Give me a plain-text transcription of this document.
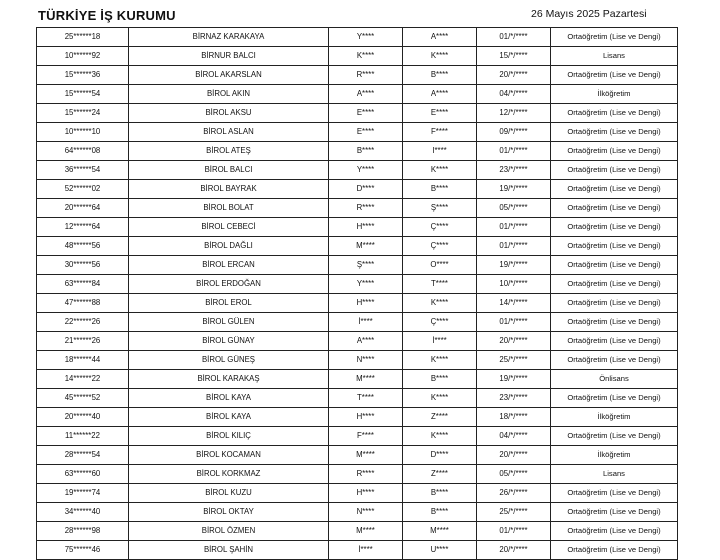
TÜRKİYE İŞ KURUMU	26 Mayıs 2025 Pazartesi
25******18	BİRNAZ KARAKAYA	Y****	A****	01/*/****	Ortaöğretim (Lise ve Dengi)
10******92	BİRNUR BALCI	K****	K****	15/*/****	Lisans
15******36	BİROL AKARSLAN	R****	B****	20/*/****	Ortaöğretim (Lise ve Dengi)
15******54	BİROL AKIN	A****	A****	04/*/****	İlköğretim
15******24	BİROL AKSU	E****	E****	12/*/****	Ortaöğretim (Lise ve Dengi)
10******10	BİROL ASLAN	E****	F****	09/*/****	Ortaöğretim (Lise ve Dengi)
64******08	BİROL ATEŞ	B****	I****	01/*/****	Ortaöğretim (Lise ve Dengi)
36******54	BİROL BALCI	Y****	K****	23/*/****	Ortaöğretim (Lise ve Dengi)
52******02	BİROL BAYRAK	D****	B****	19/*/****	Ortaöğretim (Lise ve Dengi)
20******64	BİROL BOLAT	R****	Ş****	05/*/****	Ortaöğretim (Lise ve Dengi)
12******64	BİROL CEBECİ	H****	Ç****	01/*/****	Ortaöğretim (Lise ve Dengi)
48******56	BİROL DAĞLI	M****	Ç****	01/*/****	Ortaöğretim (Lise ve Dengi)
30******56	BİROL ERCAN	Ş****	O****	19/*/****	Ortaöğretim (Lise ve Dengi)
63******84	BİROL ERDOĞAN	Y****	T****	10/*/****	Ortaöğretim (Lise ve Dengi)
47******88	BİROL EROL	H****	K****	14/*/****	Ortaöğretim (Lise ve Dengi)
22******26	BİROL GÜLEN	İ****	Ç****	01/*/****	Ortaöğretim (Lise ve Dengi)
21******26	BİROL GÜNAY	A****	İ****	20/*/****	Ortaöğretim (Lise ve Dengi)
18******44	BİROL GÜNEŞ	N****	K****	25/*/****	Ortaöğretim (Lise ve Dengi)
14******22	BİROL KARAKAŞ	M****	B****	19/*/****	Önlisans
45******52	BİROL KAYA	T****	K****	23/*/****	Ortaöğretim (Lise ve Dengi)
20******40	BİROL KAYA	H****	Z****	18/*/****	İlköğretim
11******22	BİROL KILIÇ	F****	K****	04/*/****	Ortaöğretim (Lise ve Dengi)
28******54	BİROL KOCAMAN	M****	D****	20/*/****	İlköğretim
63******60	BİROL KORKMAZ	R****	Z****	05/*/****	Lisans
19******74	BİROL KUZU	H****	B****	26/*/****	Ortaöğretim (Lise ve Dengi)
34******40	BİROL OKTAY	N****	B****	25/*/****	Ortaöğretim (Lise ve Dengi)
28******98	BİROL ÖZMEN	M****	M****	01/*/****	Ortaöğretim (Lise ve Dengi)
75******46	BİROL ŞAHİN	İ****	U****	20/*/****	Ortaöğretim (Lise ve Dengi)
